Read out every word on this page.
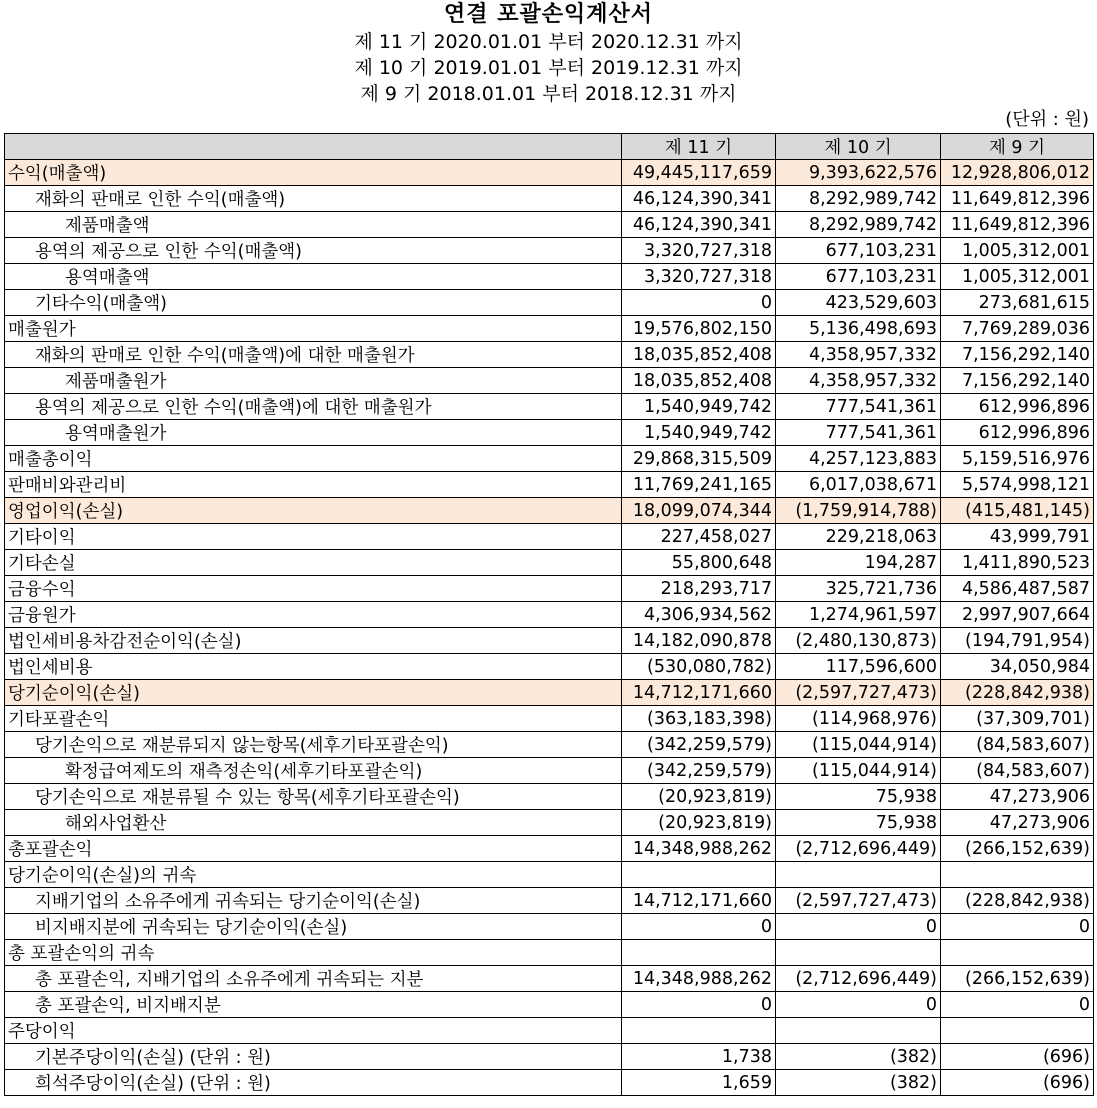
연결 포괄손익계산서
제 11 기 2020.01.01 부터 2020.12.31 까지
제 10 기 2019.01.01 부터 2019.12.31 까지
제 9 기 2018.01.01 부터 2018.12.31 까지
(단위 : 원)
	제 11 기	제 10 기	제 9 기
수익(매출액)	49,445,117,659	9,393,622,576	12,928,806,012
재화의 판매로 인한 수익(매출액)	46,124,390,341	8,292,989,742	11,649,812,396
제품매출액	46,124,390,341	8,292,989,742	11,649,812,396
용역의 제공으로 인한 수익(매출액)	3,320,727,318	677,103,231	1,005,312,001
용역매출액	3,320,727,318	677,103,231	1,005,312,001
기타수익(매출액)	0	423,529,603	273,681,615
매출원가	19,576,802,150	5,136,498,693	7,769,289,036
재화의 판매로 인한 수익(매출액)에 대한 매출원가	18,035,852,408	4,358,957,332	7,156,292,140
제품매출원가	18,035,852,408	4,358,957,332	7,156,292,140
용역의 제공으로 인한 수익(매출액)에 대한 매출원가	1,540,949,742	777,541,361	612,996,896
용역매출원가	1,540,949,742	777,541,361	612,996,896
매출총이익	29,868,315,509	4,257,123,883	5,159,516,976
판매비와관리비	11,769,241,165	6,017,038,671	5,574,998,121
영업이익(손실)	18,099,074,344	(1,759,914,788)	(415,481,145)
기타이익	227,458,027	229,218,063	43,999,791
기타손실	55,800,648	194,287	1,411,890,523
금융수익	218,293,717	325,721,736	4,586,487,587
금융원가	4,306,934,562	1,274,961,597	2,997,907,664
법인세비용차감전순이익(손실)	14,182,090,878	(2,480,130,873)	(194,791,954)
법인세비용	(530,080,782)	117,596,600	34,050,984
당기순이익(손실)	14,712,171,660	(2,597,727,473)	(228,842,938)
기타포괄손익	(363,183,398)	(114,968,976)	(37,309,701)
당기손익으로 재분류되지 않는항목(세후기타포괄손익)	(342,259,579)	(115,044,914)	(84,583,607)
확정급여제도의 재측정손익(세후기타포괄손익)	(342,259,579)	(115,044,914)	(84,583,607)
당기손익으로 재분류될 수 있는 항목(세후기타포괄손익)	(20,923,819)	75,938	47,273,906
해외사업환산	(20,923,819)	75,938	47,273,906
총포괄손익	14,348,988,262	(2,712,696,449)	(266,152,639)
당기순이익(손실)의 귀속			
지배기업의 소유주에게 귀속되는 당기순이익(손실)	14,712,171,660	(2,597,727,473)	(228,842,938)
비지배지분에 귀속되는 당기순이익(손실)	0	0	0
총 포괄손익의 귀속			
총 포괄손익, 지배기업의 소유주에게 귀속되는 지분	14,348,988,262	(2,712,696,449)	(266,152,639)
총 포괄손익, 비지배지분	0	0	0
주당이익			
기본주당이익(손실) (단위 : 원)	1,738	(382)	(696)
희석주당이익(손실) (단위 : 원)	1,659	(382)	(696)
